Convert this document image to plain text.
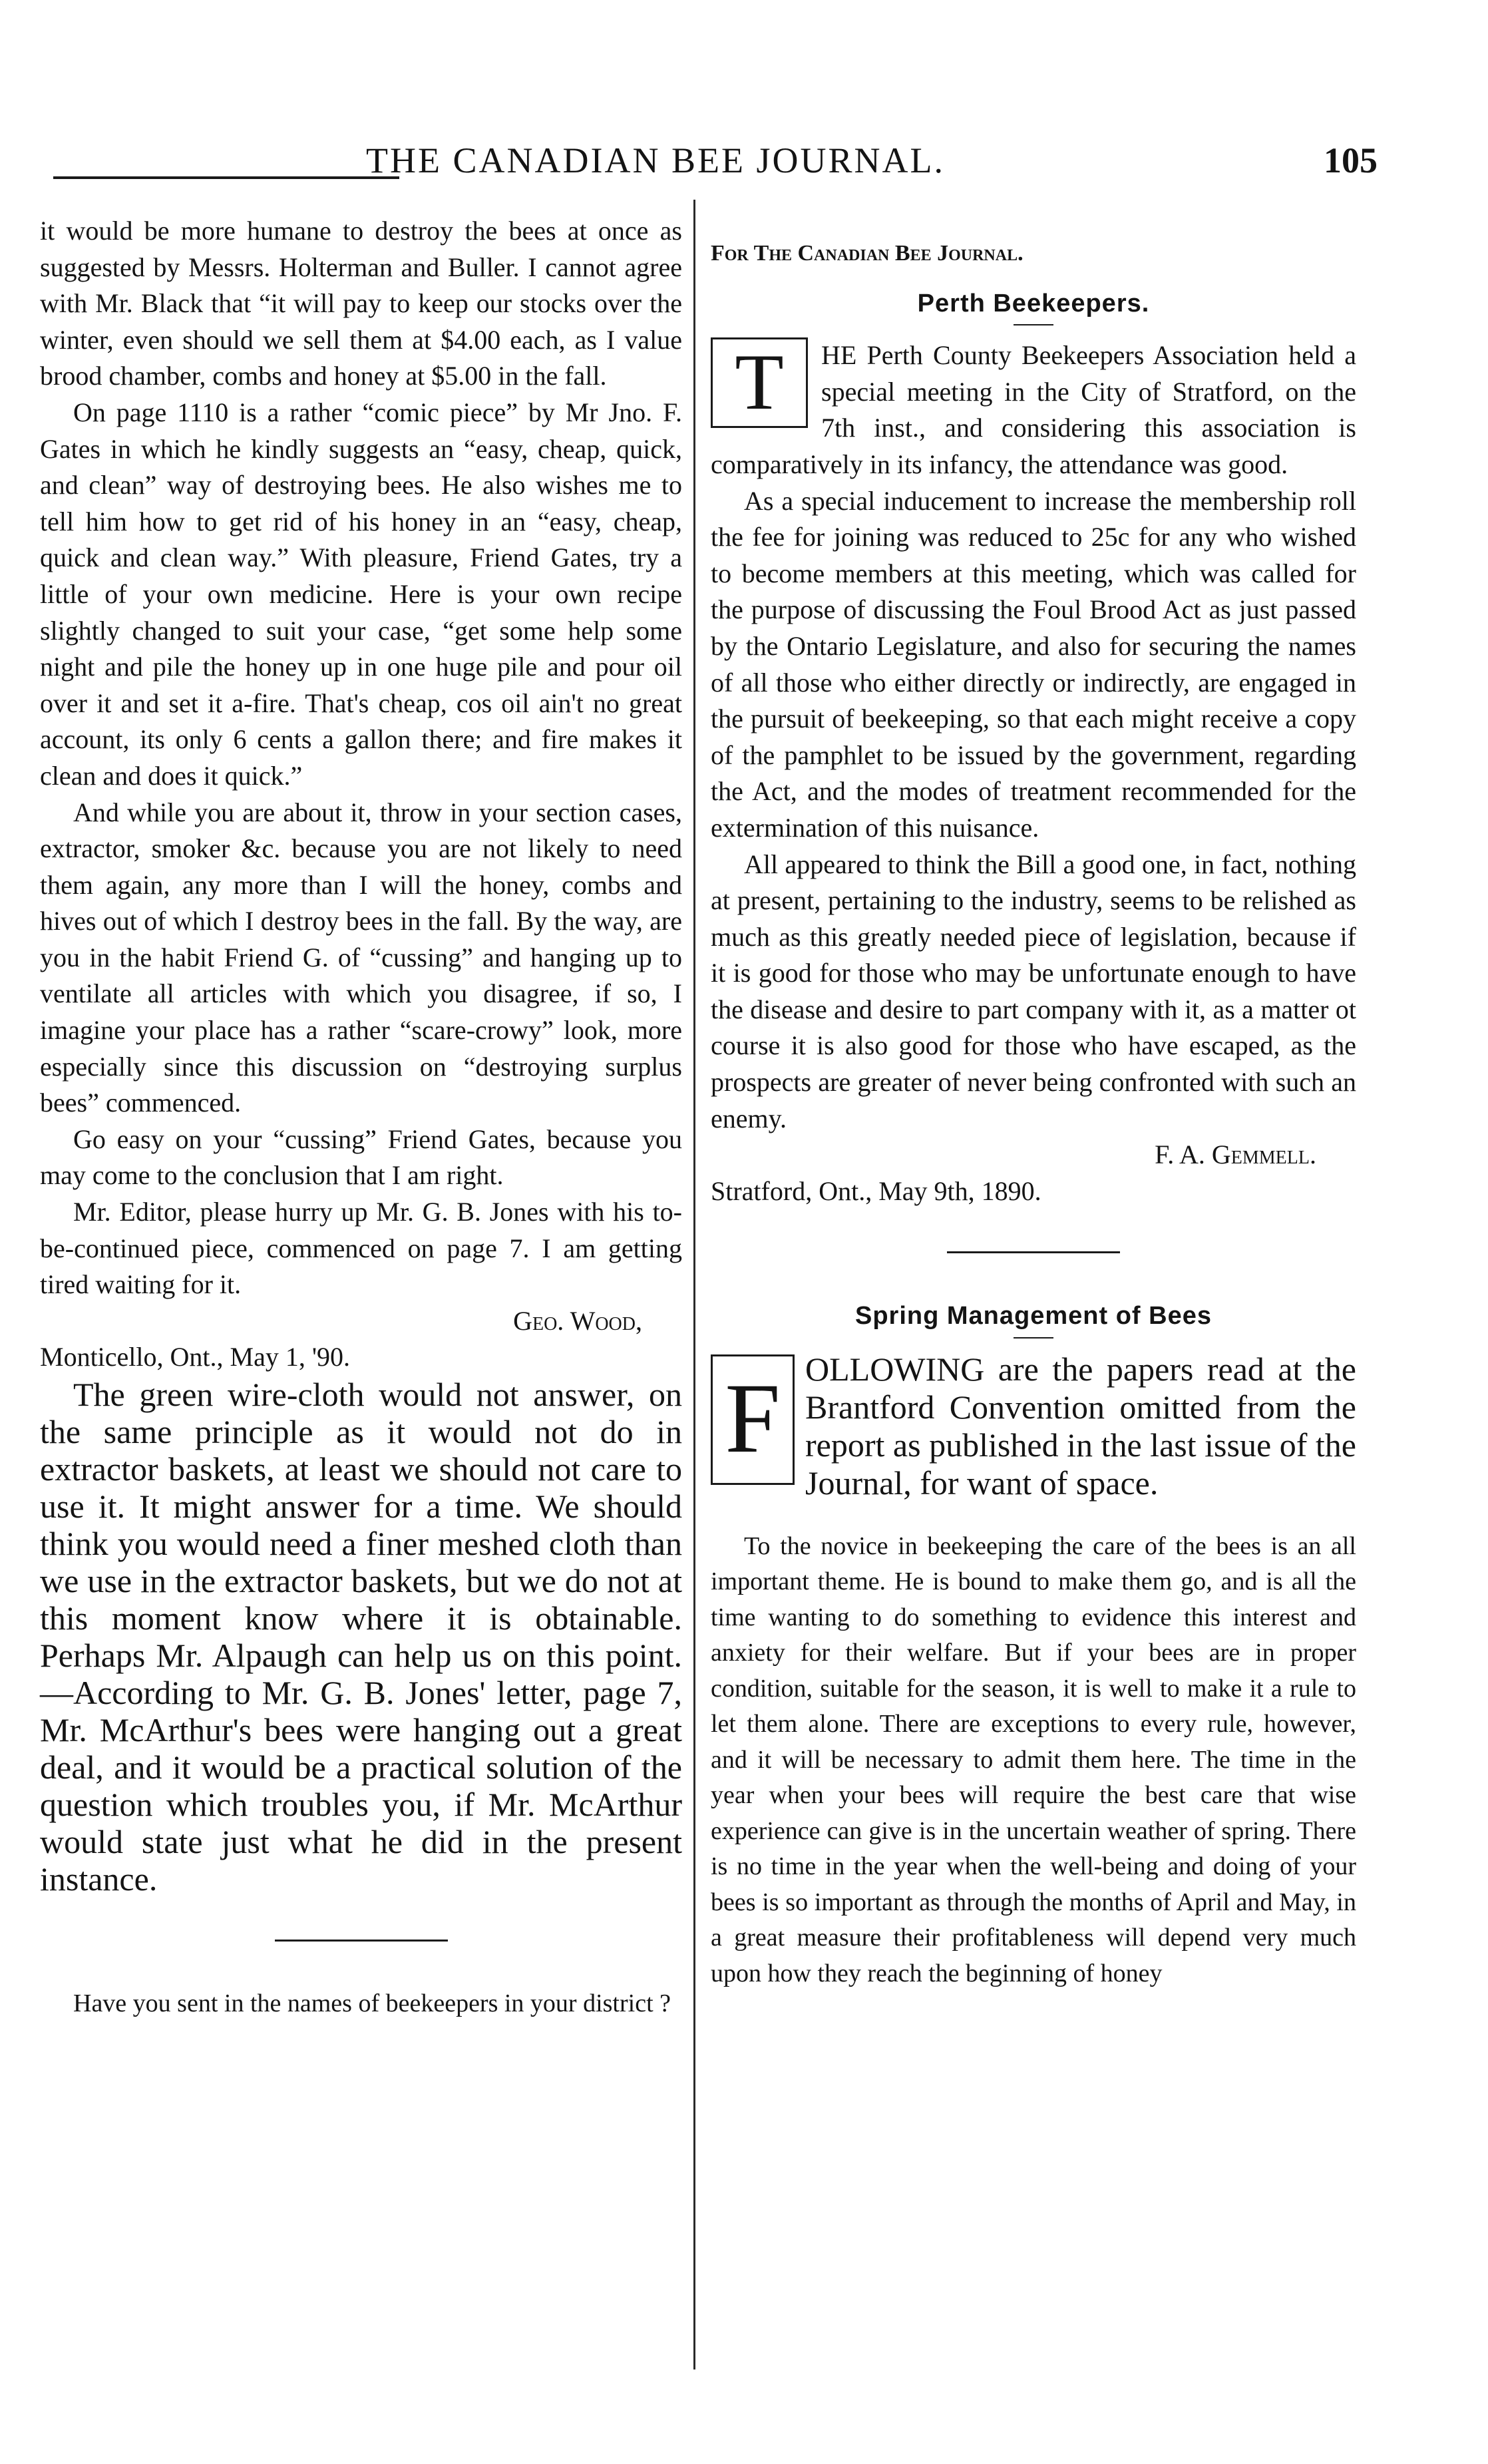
THE CANADIAN BEE JOURNAL.	105

it would be more humane to destroy the bees at once as suggested by Messrs. Holterman and Buller. I cannot agree with Mr. Black that “it will pay to keep our stocks over the winter, even should we sell them at $4.00 each, as I value brood chamber, combs and honey at $5.00 in the fall.

On page 1110 is a rather “comic piece” by Mr Jno. F. Gates in which he kindly suggests an “easy, cheap, quick, and clean” way of destroying bees. He also wishes me to tell him how to get rid of his honey in an “easy, cheap, quick and clean way.” With pleasure, Friend Gates, try a little of your own medicine. Here is your own recipe slightly changed to suit your case, “get some help some night and pile the honey up in one huge pile and pour oil over it and set it a-fire. That's cheap, cos oil ain't no great account, its only 6 cents a gallon there; and fire makes it clean and does it quick.”

And while you are about it, throw in your section cases, extractor, smoker &c. because you are not likely to need them again, any more than I will the honey, combs and hives out of which I destroy bees in the fall. By the way, are you in the habit Friend G. of “cussing” and hanging up to ventilate all articles with which you disagree, if so, I imagine your place has a rather “scare-crowy” look, more especially since this discussion on “destroying surplus bees” commenced.

Go easy on your “cussing” Friend Gates, because you may come to the conclusion that I am right.

Mr. Editor, please hurry up Mr. G. B. Jones with his to-be-continued piece, commenced on page 7. I am getting tired waiting for it.

Geo. Wood,

Monticello, Ont., May 1, '90.

The green wire-cloth would not answer, on the same principle as it would not do in extractor baskets, at least we should not care to use it. It might answer for a time. We should think you would need a finer meshed cloth than we use in the extractor baskets, but we do not at this moment know where it is obtainable. Perhaps Mr. Alpaugh can help us on this point.—According to Mr. G. B. Jones' letter, page 7, Mr. McArthur's bees were hanging out a great deal, and it would be a practical solution of the question which troubles you, if Mr. McArthur would state just what he did in the present instance.

Have you sent in the names of beekeepers in your district ?

For The Canadian Bee Journal.
Perth Beekeepers.
T	HE Perth County Beekeepers Association held a special meeting in the City of Stratford, on the 7th inst., and considering this association is comparatively in its infancy, the attendance was good.

As a special inducement to increase the membership roll the fee for joining was reduced to 25c for any who wished to become members at this meeting, which was called for the purpose of discussing the Foul Brood Act as just passed by the Ontario Legislature, and also for securing the names of all those who either directly or indirectly, are engaged in the pursuit of beekeeping, so that each might receive a copy of the pamphlet to be issued by the government, regarding the Act, and the modes of treatment recommended for the extermination of this nuisance.

All appeared to think the Bill a good one, in fact, nothing at present, pertaining to the industry, seems to be relished as much as this greatly needed piece of legislation, because if it is good for those who may be unfortunate enough to have the disease and desire to part company with it, as a matter ot course it is also good for those who have escaped, as the prospects are greater of never being confronted with such an enemy.

F. A. Gemmell.

Stratford, Ont., May 9th, 1890.

Spring Management of Bees
F OLLOWING are the papers read at the Brantford Convention omitted from the report as published in the last issue of the Journal, for want of space.

To the novice in beekeeping the care of the bees is an all important theme. He is bound to make them go, and is all the time wanting to do something to evidence this interest and anxiety for their welfare. But if your bees are in proper condition, suitable for the season, it is well to make it a rule to let them alone. There are exceptions to every rule, however, and it will be necessary to admit them here. The time in the year when your bees will require the best care that wise experience can give is in the uncertain weather of spring. There is no time in the year when the well-being and doing of your bees is so important as through the months of April and May, in a great measure their profitableness will depend very much upon how they reach the beginning of honey
